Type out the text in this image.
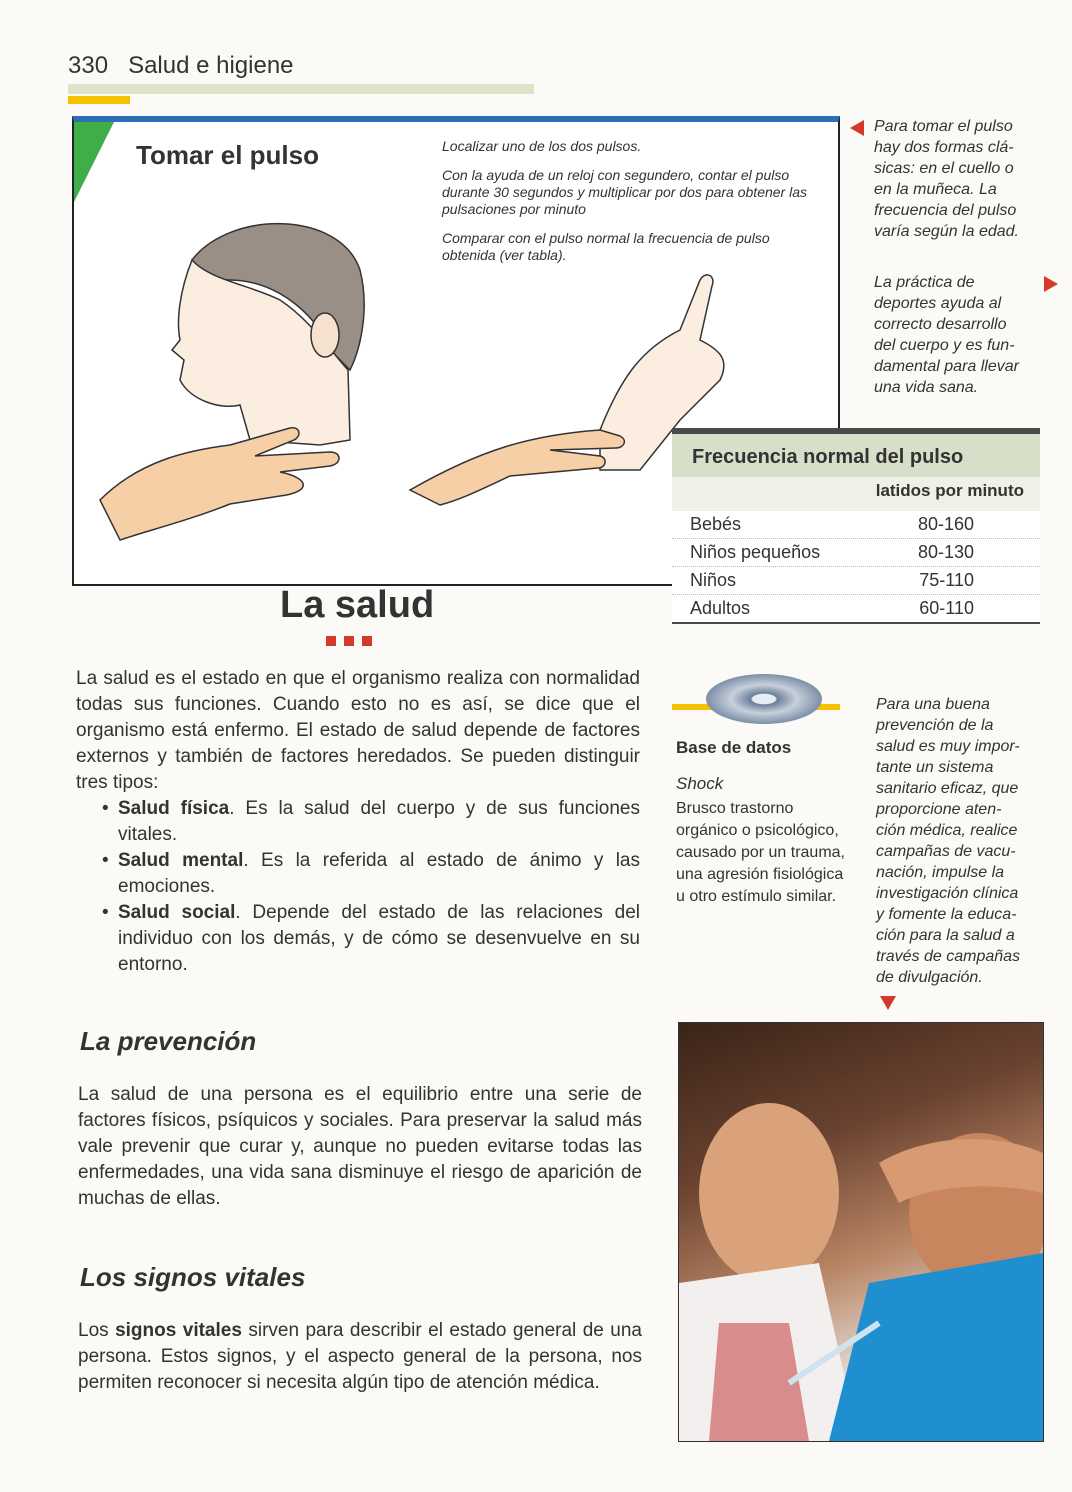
330 Salud e higiene
Tomar el pulso	Localizar uno de los dos pulsos.

Con la ayuda de un reloj con segundero, contar el pulso durante 30 segundos y multiplicar por dos para obtener las pulsaciones por minuto

Comparar con el pulso normal la frecuencia de pulso obtenida (ver tabla).

Para tomar el pulso
hay dos formas clá-
sicas: en el cuello o
en la muñeca. La
frecuencia del pulso
varía según la edad.
La práctica de
deportes ayuda al
correcto desarrollo
del cuerpo y es fun-
damental para llevar
una vida sana.
Frecuencia normal del pulso
latidos por minuto
Bebés	80-160
Niños pequeños	80-130
Niños	75-110
Adultos	60-110
La salud
La salud es el estado en que el organismo realiza con normalidad todas sus funciones. Cuando esto no es así, se dice que el organismo está enfermo. El estado de salud depende de factores externos y también de factores heredados. Se pueden distinguir tres tipos:
• Salud física. Es la salud del cuerpo y de sus funciones vitales.
• Salud mental. Es la referida al estado de ánimo y las emociones.
• Salud social. Depende del estado de las relaciones del individuo con los demás, y de cómo se desenvuelve en su entorno.
Base de datos
Shock
Brusco trastorno orgánico o psicológico, causado por un trauma, una agresión fisiológica u otro estímulo similar.
Para una buena
prevención de la
salud es muy impor-
tante un sistema
sanitario eficaz, que
proporcione aten-
ción médica, realice
campañas de vacu-
nación, impulse la
investigación clínica
y fomente la educa-
ción para la salud a
través de campañas
de divulgación.
La prevención
La salud de una persona es el equilibrio entre una serie de factores físicos, psíquicos y sociales. Para preservar la salud más vale prevenir que curar y, aunque no pueden evitarse todas las enfermedades, una vida sana disminuye el riesgo de aparición de muchas de ellas.
Los signos vitales
Los signos vitales sirven para describir el estado general de una persona. Estos signos, y el aspecto general de la persona, nos permiten reconocer si necesita algún tipo de atención médica.
